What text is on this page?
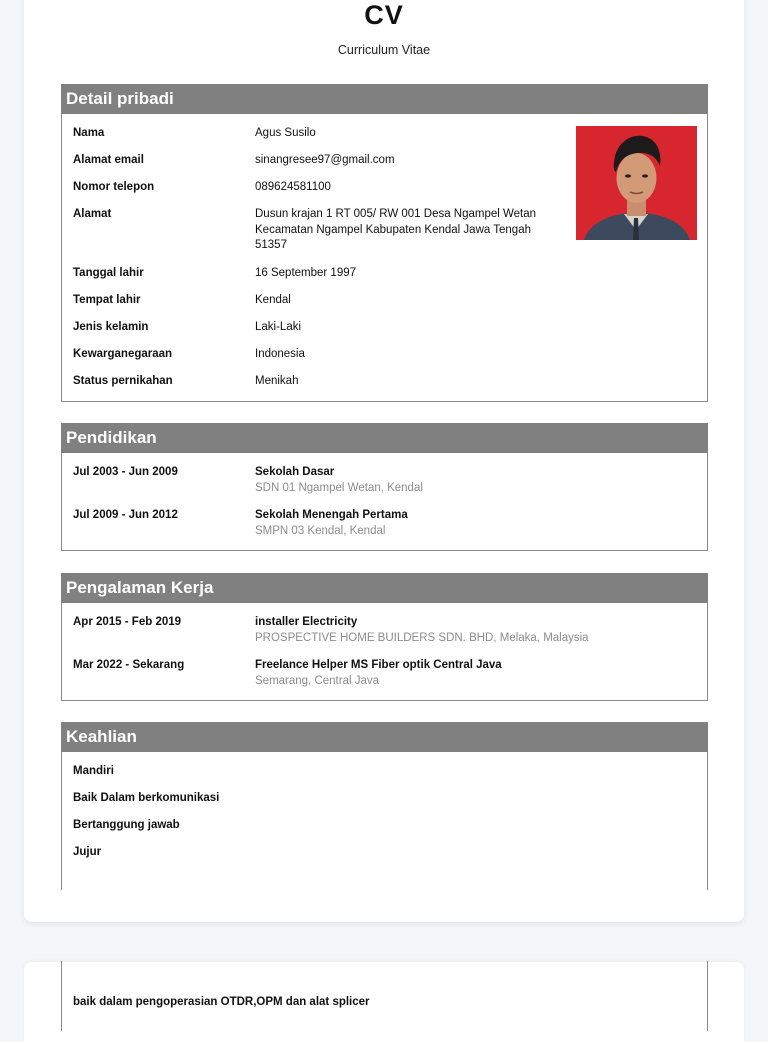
CV
Curriculum Vitae
Detail pribadi
Nama	Agus Susilo
Alamat email	sinangresee97@gmail.com
Nomor telepon	089624581100
Alamat	Dusun krajan 1 RT 005/ RW 001 Desa Ngampel Wetan Kecamatan Ngampel Kabupaten Kendal Jawa Tengah 51357
Tanggal lahir	16 September 1997
Tempat lahir	Kendal
Jenis kelamin	Laki-Laki
Kewarganegaraan	Indonesia
Status pernikahan	Menikah
Pendidikan
Jul 2003 - Jun 2009	Sekolah Dasar
SDN 01 Ngampel Wetan, Kendal
Jul 2009 - Jun 2012	Sekolah Menengah Pertama
SMPN 03 Kendal, Kendal
Pengalaman Kerja
Apr 2015 - Feb 2019	installer Electricity
PROSPECTIVE HOME BUILDERS SDN. BHD, Melaka, Malaysia
Mar 2022 - Sekarang	Freelance Helper MS Fiber optik Central Java
Semarang, Central Java
Keahlian
Mandiri
Baik Dalam berkomunikasi
Bertanggung jawab
Jujur
baik dalam pengoperasian OTDR,OPM dan alat splicer
